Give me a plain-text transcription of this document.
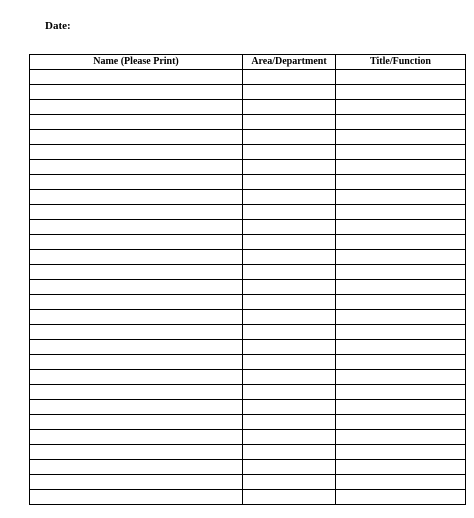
Date:
Name (Please Print)	Area/Department	Title/Function
